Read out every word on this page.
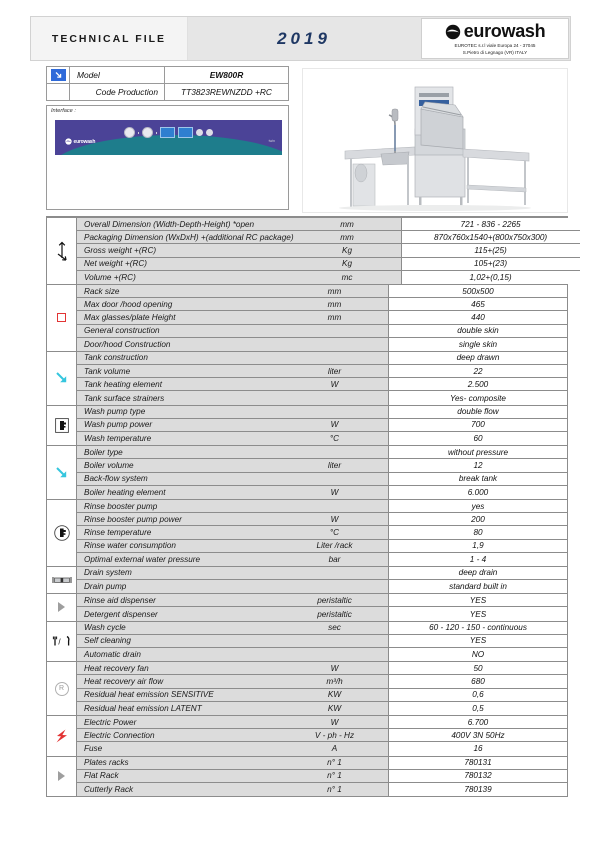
TECHNICAL FILE	2019	eurowash
EUROTEC s.r.l viale Europa 24 - 37045
S.Pietro di Legnago (VR) ITALY
Model	EW800R
Code Production	TT3823REWNZDD +RC
Interface :
eurowash	twin
Overall Dimension (Width-Depth-Height) *open	mm	721 - 836 - 2265
Packaging Dimension (WxDxH) +(additional RC package)	mm	870x760x1540+(800x750x300)
Gross weight +(RC)	Kg	115+(25)
Net weight +(RC)	Kg	105+(23)
Volume +(RC)	mc	1,02+(0,15)
Rack size	mm	500x500
Max door /hood opening	mm	465
Max glasses/plate Height	mm	440
General construction	double skin
Door/hood Construction	single skin
Tank construction	deep drawn
Tank volume	liter	22
Tank heating element	W	2.500
Tank surface strainers	Yes- composite
Wash pump type	double flow
Wash pump power	W	700
Wash temperature	°C	60
Boiler type	without pressure
Boiler volume	liter	12
Back-flow system	break tank
Boiler heating element	W	6.000
Rinse booster pump	yes
Rinse booster pump power	W	200
Rinse temperature	°C	80
Rinse water consumption	Liter /rack	1,9
Optimal external water pressure	bar	1 - 4
Drain system	deep drain
Drain pump	standard built in
Rinse aid dispenser	peristaltic	YES
Detergent dispenser	peristaltic	YES
/
Wash cycle	sec	60 - 120 - 150 - continuous
Self cleaning	YES
Automatic drain	NO
R
Heat recovery fan	W	50
Heat recovery air flow	m³/h	680
Residual heat emission SENSITIVE	KW	0,6
Residual heat emission LATENT	KW	0,5
Electric Power	W	6.700
Electric Connection	V - ph - Hz	400V 3N 50Hz
Fuse	A	16
Plates racks	n° 1	780131
Flat Rack	n° 1	780132
Cutterly Rack	n° 1	780139
